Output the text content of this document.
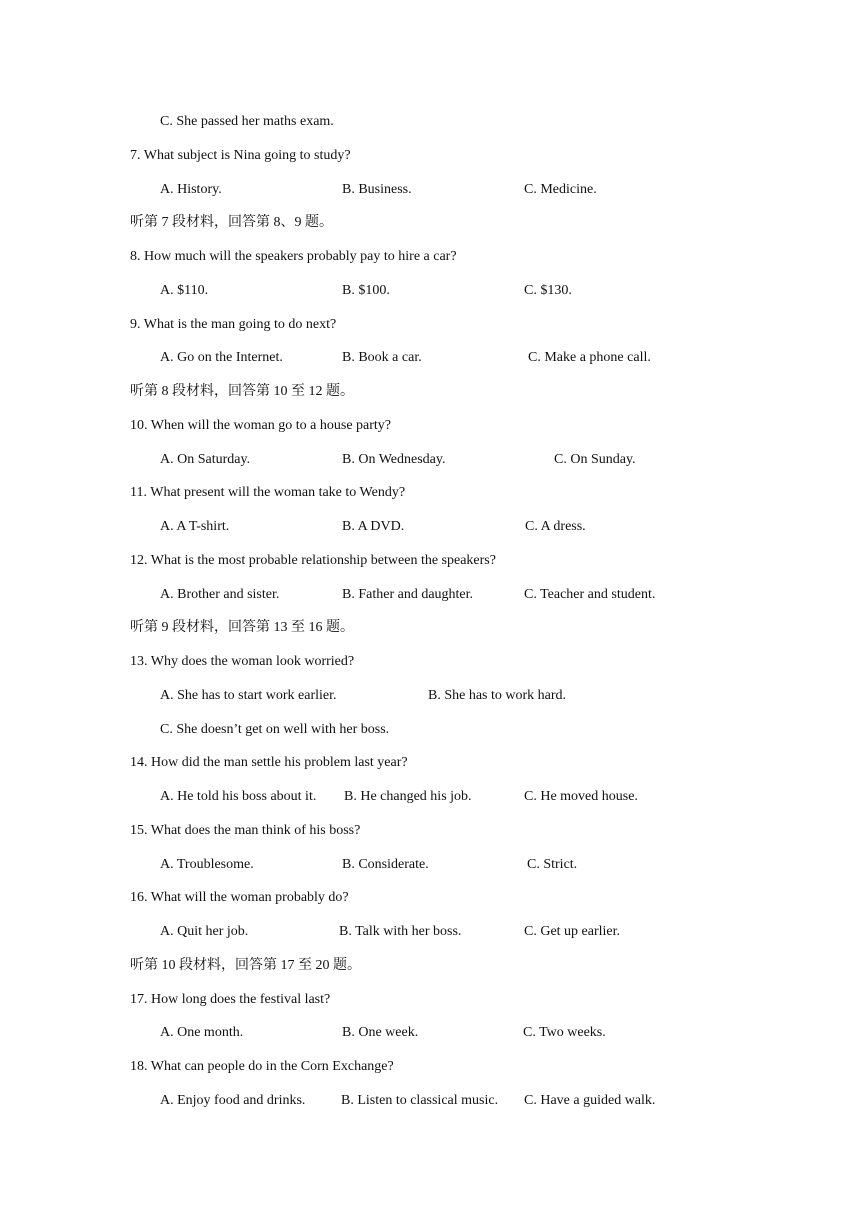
C. She passed her maths exam.
7. What subject is Nina going to study?
A. History.	B. Business.	C. Medicine.
听第 7 段材料，回答第 8、9 题。
8. How much will the speakers probably pay to hire a car?
A. $110.	B. $100.	C. $130.
9. What is the man going to do next?
A. Go on the Internet.	B. Book a car.	C. Make a phone call.
听第 8 段材料，回答第 10 至 12 题。
10. When will the woman go to a house party?
A. On Saturday.	B. On Wednesday.	C. On Sunday.
11. What present will the woman take to Wendy?
A. A T-shirt.	B. A DVD.	C. A dress.
12. What is the most probable relationship between the speakers?
A. Brother and sister.	B. Father and daughter.	C. Teacher and student.
听第 9 段材料，回答第 13 至 16 题。
13. Why does the woman look worried?
A. She has to start work earlier.	B. She has to work hard.
C. She doesn’t get on well with her boss.
14. How did the man settle his problem last year?
A. He told his boss about it. B. He changed his job.	C. He moved house.
15. What does the man think of his boss?
A. Troublesome.	B. Considerate.	C. Strict.
16. What will the woman probably do?
A. Quit her job.	B. Talk with her boss.	C. Get up earlier.
听第 10 段材料，回答第 17 至 20 题。
17. How long does the festival last?
A. One month.	B. One week.	C. Two weeks.
18. What can people do in the Corn Exchange?
A. Enjoy food and drinks.	B. Listen to classical music. C. Have a guided walk.
